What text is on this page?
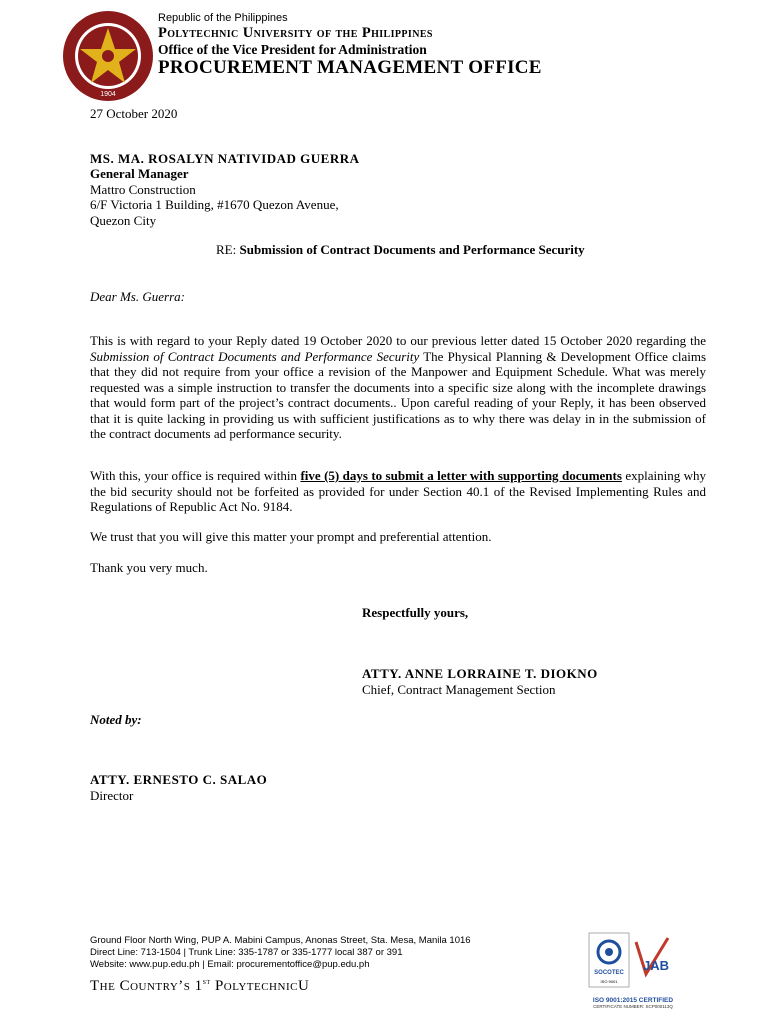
1904
Republic of the Philippines
Polytechnic University of the Philippines
Office of the Vice President for Administration
PROCUREMENT MANAGEMENT OFFICE
27 October 2020
MS. MA. ROSALYN NATIVIDAD GUERRA
General Manager
Mattro Construction
6/F Victoria 1 Building, #1670 Quezon Avenue,
Quezon City
RE: Submission of Contract Documents and Performance Security
Dear Ms. Guerra:
This is with regard to your Reply dated 19 October 2020 to our previous letter dated 15 October 2020 regarding the Submission of Contract Documents and Performance Security The Physical Planning & Development Office claims that they did not require from your office a revision of the Manpower and Equipment Schedule. What was merely requested was a simple instruction to transfer the documents into a specific size along with the incomplete drawings that would form part of the project’s contract documents.. Upon careful reading of your Reply, it has been observed that it is quite lacking in providing us with sufficient justifications as to why there was delay in in the submission of the contract documents ad performance security.
With this, your office is required within five (5) days to submit a letter with supporting documents explaining why the bid security should not be forfeited as provided for under Section 40.1 of the Revised Implementing Rules and Regulations of Republic Act No. 9184.
We trust that you will give this matter your prompt and preferential attention.
Thank you very much.
Respectfully yours,
ATTY. ANNE LORRAINE T. DIOKNO
Chief, Contract Management Section
Noted by:
ATTY. ERNESTO C. SALAO
Director
Ground Floor North Wing, PUP A. Mabini Campus, Anonas Street, Sta. Mesa, Manila 1016
Direct Line: 713-1504 | Trunk Line: 335-1787 or 335-1777 local 387 or 391
Website: www.pup.edu.ph | Email: procurementoffice@pup.edu.ph
The Country’s 1st PolytechnicU
SOCOTEC
ISO 9001
JAB
ISO 9001:2015 CERTIFIED
CERTIFICATE NUMBER: SCP000113Q
